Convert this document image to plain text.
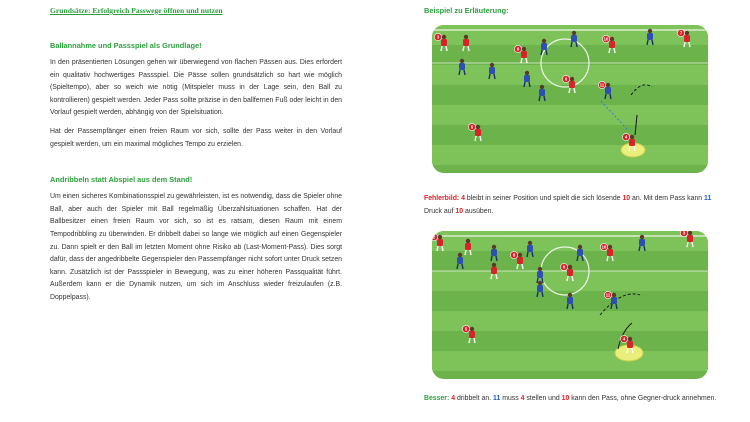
Grundsätze: Erfolgreich Passwege öffnen und nutzen
Ballannahme und Passspiel als Grundlage!

In den präsentierten Lösungen gehen wir überwiegend von flachen Pässen aus. Dies erfordert ein qualitativ hochwertiges Passspiel. Die Pässe sollen grundsätzlich so hart wie möglich (Spieltempo), aber so weich wie nötig (Mitspieler muss in der Lage sein, den Ball zu kontrollieren) gespielt werden. Jeder Pass sollte präzise in den ballfernen Fuß oder leicht in den Vorlauf gespielt werden, abhängig von der Spielsituation.

Hat der Passempfänger einen freien Raum vor sich, sollte der Pass weiter in den Vorlauf gespielt werden, um ein maximal mögliches Tempo zu erzielen.

Andribbeln statt Abspiel aus dem Stand!

Um einen sicheres Kombinationsspiel zu gewährleisten, ist es notwendig, dass die Spieler ohne Ball, aber auch der Spieler mit Ball regelmäßig Überzahlsituationen schaffen. Hat der Ballbesitzer einen freien Raum vor sich, so ist es ratsam, diesen Raum mit einem Tempodribbling zu überwinden. Er dribbelt dabei so lange wie möglich auf einen Gegenspieler zu. Dann spielt er den Ball im letzten Moment ohne Risiko ab (Last-Moment-Pass). Dies sorgt dafür, dass der angedribbelte Gegenspieler den Passempfänger nicht sofort unter Druck setzen kann. Zusätzlich ist der Passspieler in Bewegung, was zu einer höheren Passqualität führt. Außerdem kann er die Dynamik nutzen, um sich im Anschluss wieder freizulaufen (z.B. Doppelpass).

Beispiel zu Erläuterung:
3
8
10
7
6
11
5
4
Fehlerbild: 4 bleibt in seiner Position und spielt die sich lösende 10 an. Mit dem Pass kann 11 Druck auf 10 ausüben.
2
10
3
8
6
11
5
4
Besser: 4 dribbelt an. 11 muss 4 stellen und 10 kann den Pass, ohne Gegner-druck annehmen.
